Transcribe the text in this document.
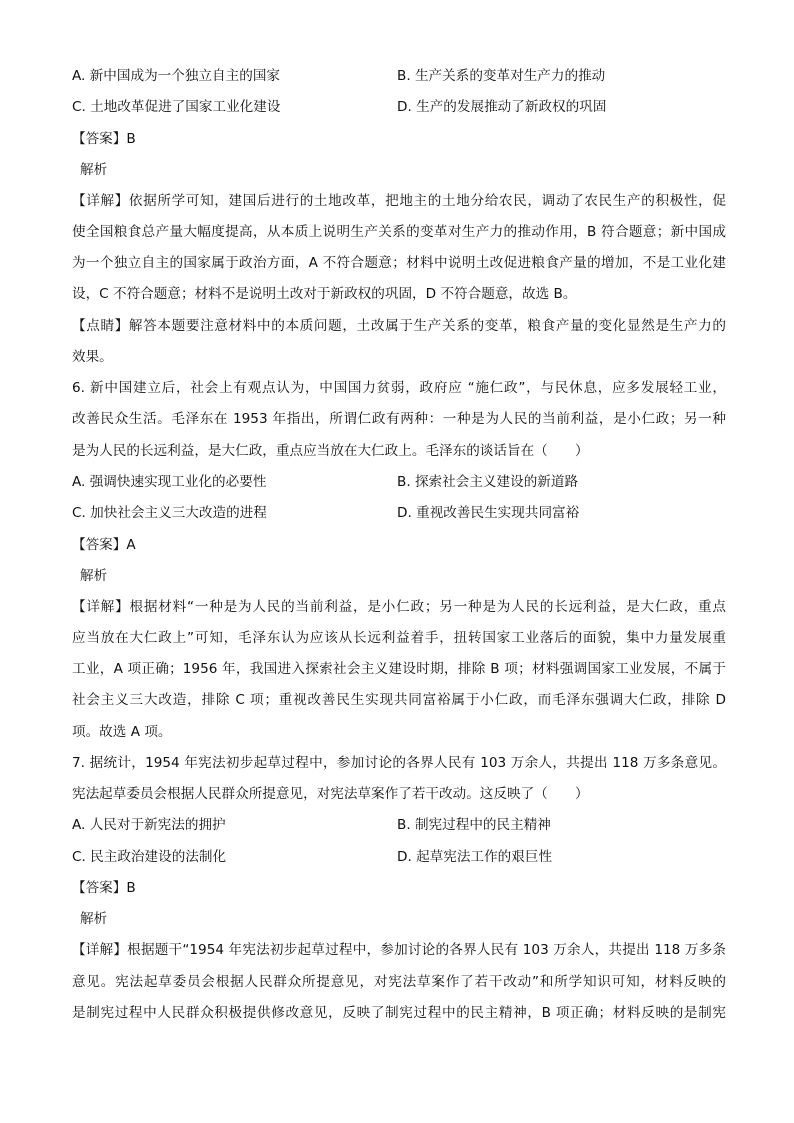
A. 新中国成为一个独立自主的国家	B. 生产关系的变革对生产力的推动
C. 土地改革促进了国家工业化建设	D. 生产的发展推动了新政权的巩固
【答案】B
解析
【详解】依据所学可知，建国后进行的土地改革，把地主的土地分给农民，调动了农民生产的积极性，促
使全国粮食总产量大幅度提高，从本质上说明生产关系的变革对生产力的推动作用，B 符合题意；新中国成
为一个独立自主的国家属于政治方面，A 不符合题意；材料中说明土改促进粮食产量的增加，不是工业化建
设，C 不符合题意；材料不是说明土改对于新政权的巩固，D 不符合题意，故选 B。
【点睛】解答本题要注意材料中的本质问题，土改属于生产关系的变革，粮食产量的变化显然是生产力的
效果。
6. 新中国建立后，社会上有观点认为，中国国力贫弱，政府应 “施仁政”，与民休息，应多发展轻工业，
改善民众生活。毛泽东在 1953 年指出，所谓仁政有两种：一种是为人民的当前利益，是小仁政；另一种
是为人民的长远利益，是大仁政，重点应当放在大仁政上。毛泽东的谈话旨在（　　）
A. 强调快速实现工业化的必要性	B. 探索社会主义建设的新道路
C. 加快社会主义三大改造的进程	D. 重视改善民生实现共同富裕
【答案】A
解析
【详解】根据材料“一种是为人民的当前利益，是小仁政；另一种是为人民的长远利益，是大仁政，重点
应当放在大仁政上”可知，毛泽东认为应该从长远利益着手，扭转国家工业落后的面貌，集中力量发展重
工业，A 项正确；1956 年，我国进入探索社会主义建设时期，排除 B 项；材料强调国家工业发展，不属于
社会主义三大改造，排除 C 项；重视改善民生实现共同富裕属于小仁政，而毛泽东强调大仁政，排除 D
项。故选 A 项。
7. 据统计，1954 年宪法初步起草过程中，参加讨论的各界人民有 103 万余人，共提出 118 万多条意见。
宪法起草委员会根据人民群众所提意见，对宪法草案作了若干改动。这反映了（　　）
A. 人民对于新宪法的拥护	B. 制宪过程中的民主精神
C. 民主政治建设的法制化	D. 起草宪法工作的艰巨性
【答案】B
解析
【详解】根据题干“1954 年宪法初步起草过程中，参加讨论的各界人民有 103 万余人，共提出 118 万多条
意见。宪法起草委员会根据人民群众所提意见，对宪法草案作了若干改动”和所学知识可知，材料反映的
是制宪过程中人民群众积极提供修改意见，反映了制宪过程中的民主精神，B 项正确；材料反映的是制宪
